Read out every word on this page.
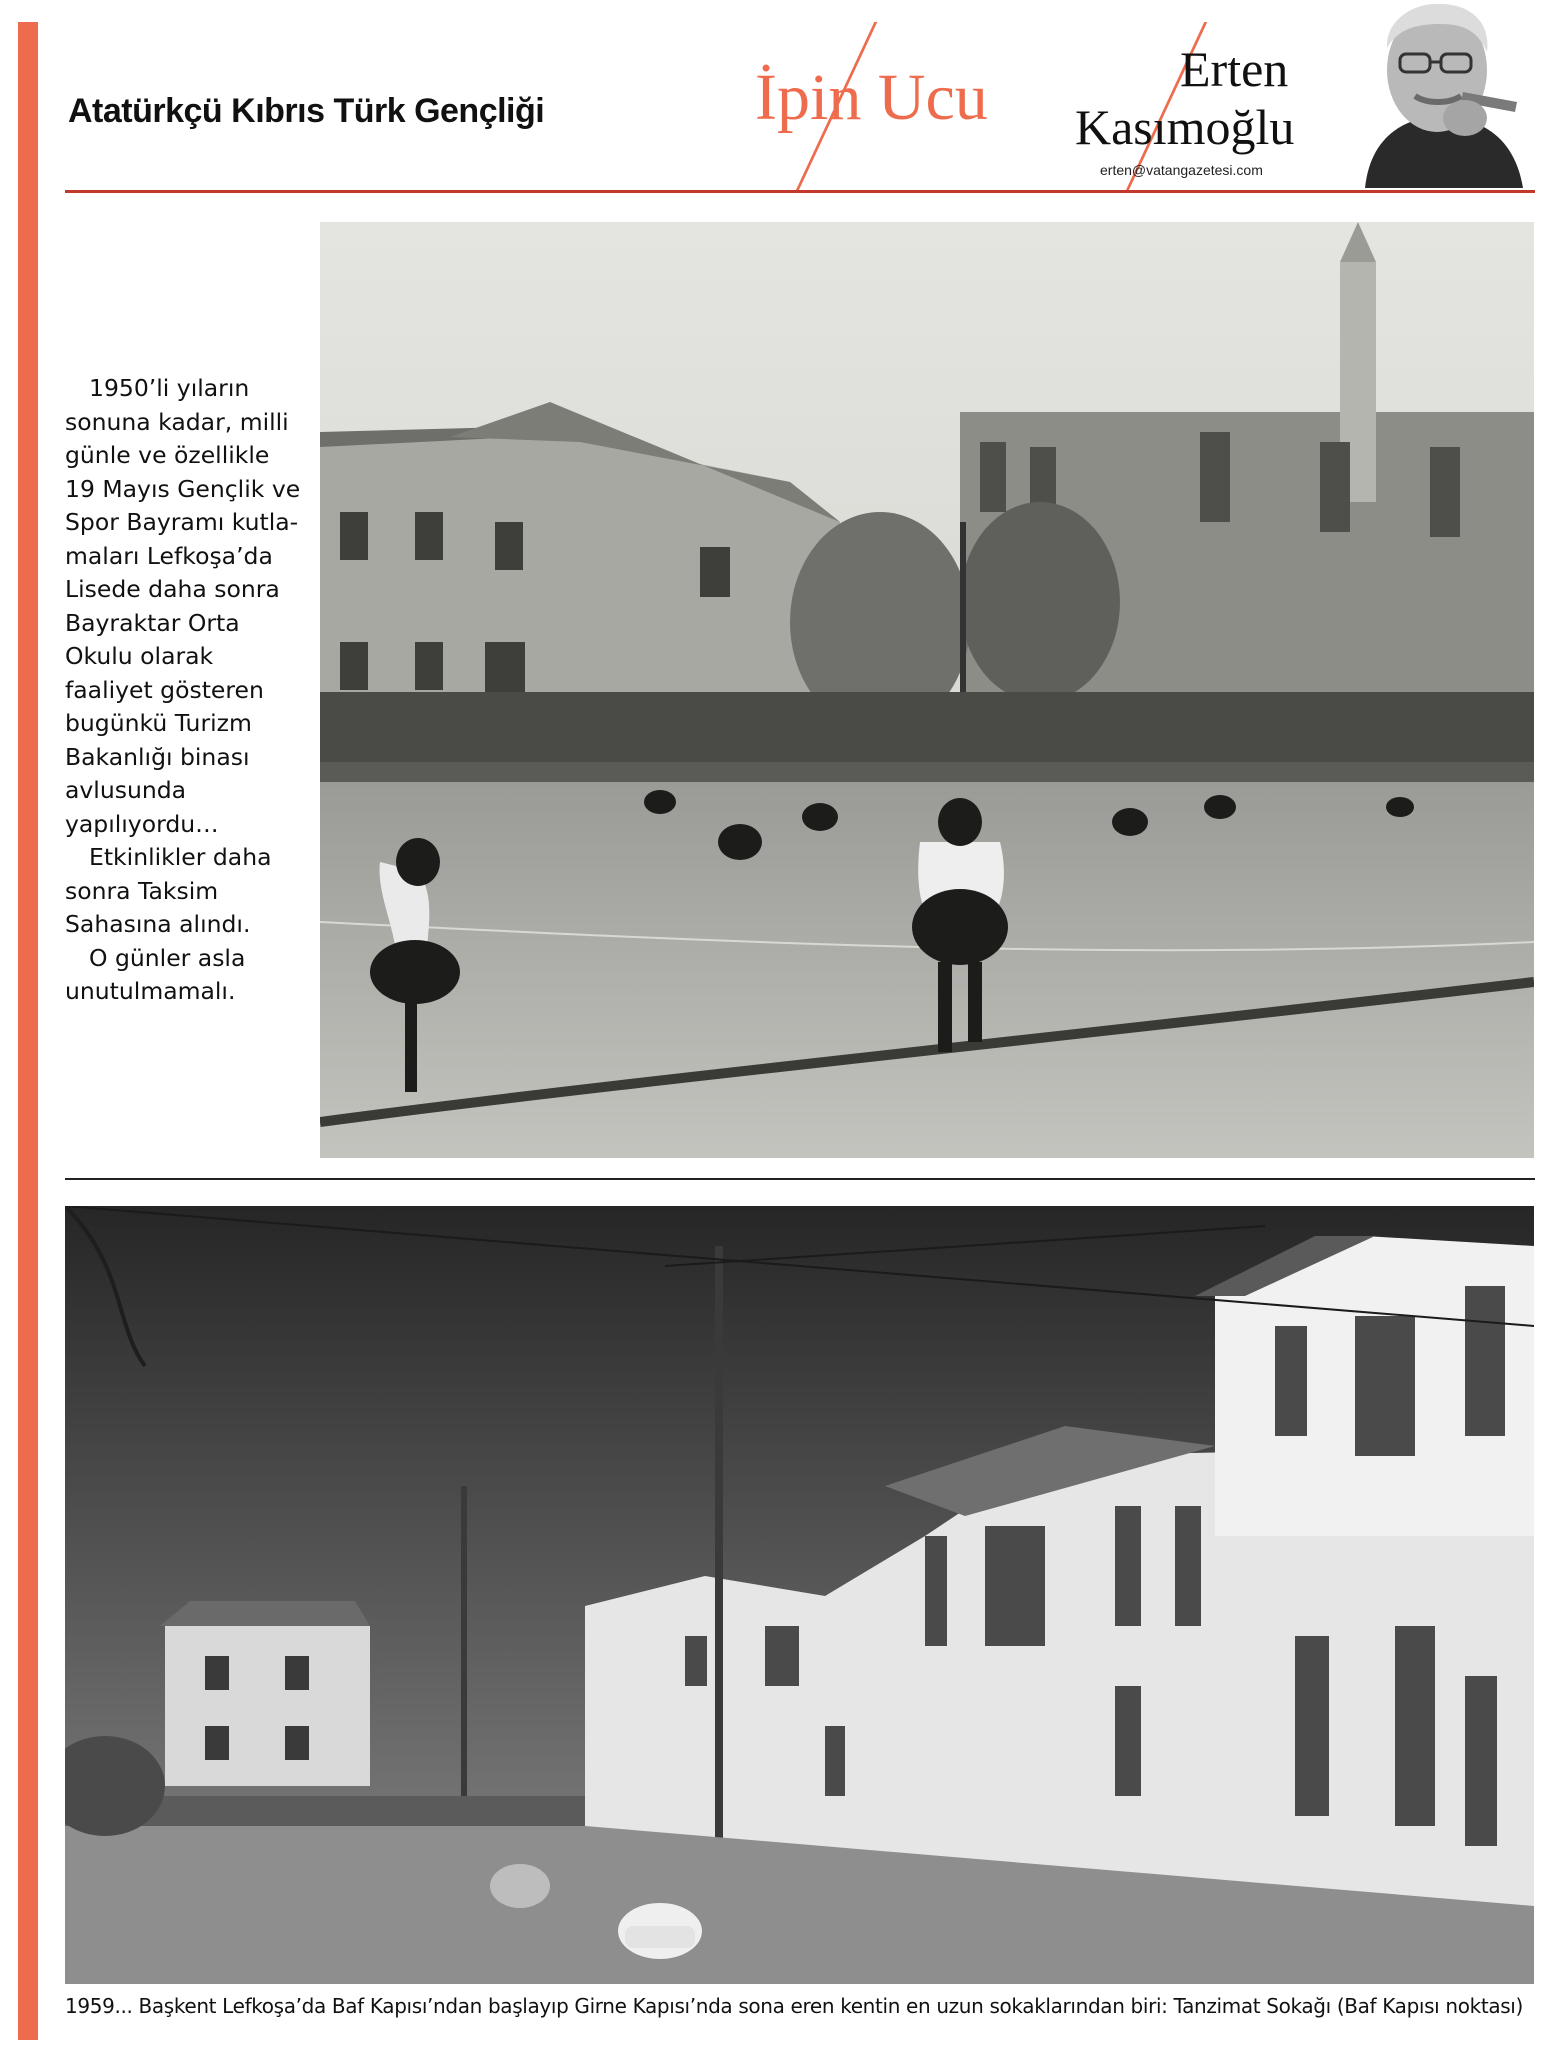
Atatürkçü Kıbrıs Türk Gençliği	İpin Ucu	Erten
Kasımoğlu
erten@vatangazetesi.com

1950’li yıların sonuna kadar, milli günle ve özellikle 19 Mayıs Gençlik ve Spor Bayramı kutla-maları Lefkoşa’da Lisede daha sonra Bayraktar Orta Okulu olarak faaliyet gösteren bugünkü Turizm Bakanlığı binası avlusunda yapılıyordu…

Etkinlikler daha sonra Taksim Sahasına alındı.

O günler asla unutulmamalı.

1959... Başkent Lefkoşa’da Baf Kapısı’ndan başlayıp Girne Kapısı’nda sona eren kentin en uzun sokaklarından biri: Tanzimat Sokağı (Baf Kapısı noktası)
